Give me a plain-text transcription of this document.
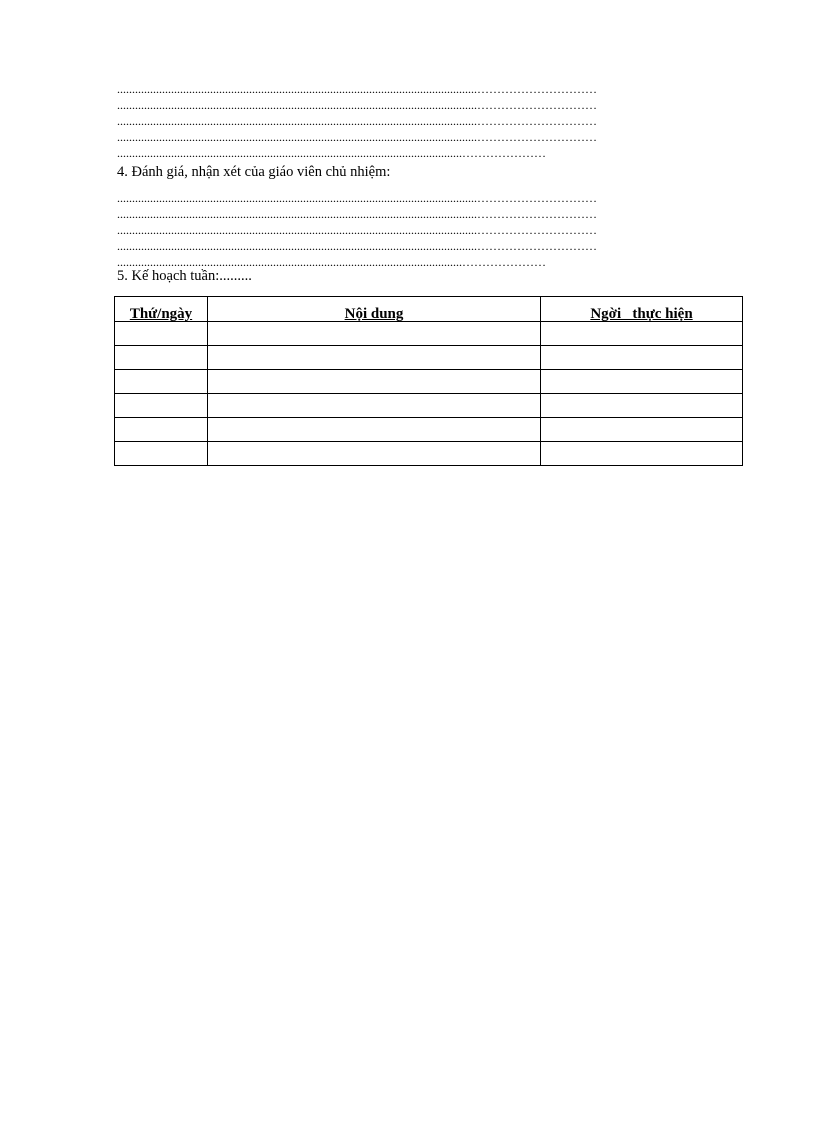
........................................................................................................................…………………………
........................................................................................................................…………………………
........................................................................................................................…………………………
........................................................................................................................…………………………
...................................................................................................................…………………
4. Đánh giá, nhận xét của giáo viên chủ nhiệm:
........................................................................................................................…………………………
........................................................................................................................…………………………
........................................................................................................................…………………………
........................................................................................................................…………………………
...................................................................................................................…………………
5. Kế hoạch tuần:.........
Thứ/ngày	Nội dung	Ngời   thực hiện
